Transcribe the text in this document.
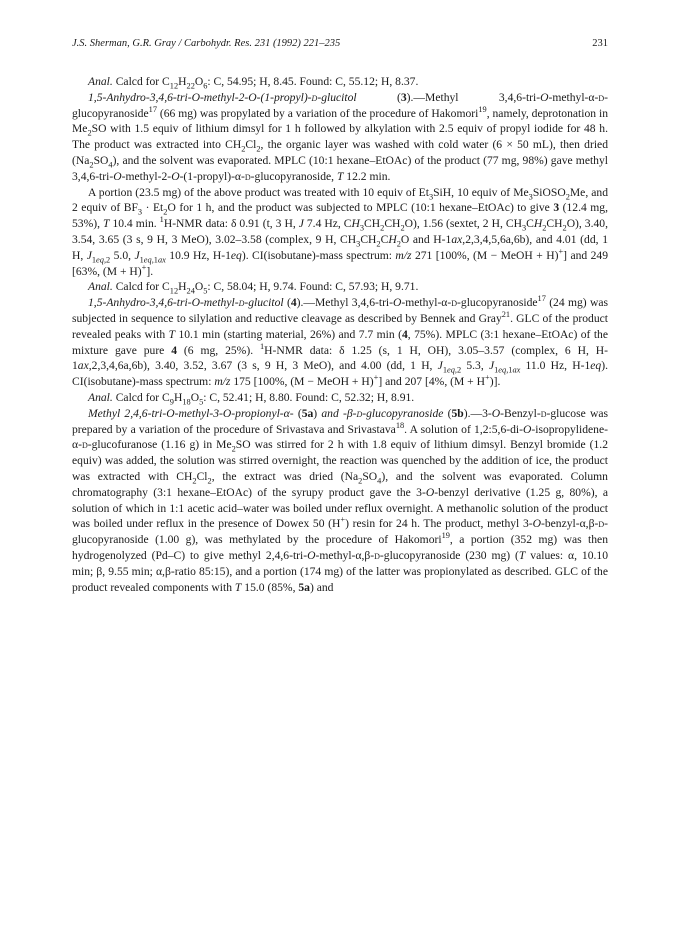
J.S. Sherman, G.R. Gray / Carbohydr. Res. 231 (1992) 221–235	231

Anal. Calcd for $C_{12}H_{22}O_6$: C, 54.95; H, 8.45. Found: C, 55.12; H, 8.37.

1,5-Anhydro-3,4,6-tri-O-methyl-2-O-(1-propyl)-d-glucitol (3).—Methyl 3,4,6-tri-O-methyl-α-d-glucopyranoside$^{17}$ (66 mg) was propylated by a variation of the procedure of Hakomori$^{19}$, namely, deprotonation in $Me_2SO$ with 1.5 equiv of lithium dimsyl for 1 h followed by alkylation with 2.5 equiv of propyl iodide for 48 h. The product was extracted into $CH_2Cl_2$, the organic layer was washed with cold water (6 × 50 mL), then dried $(Na_2SO_4)$, and the solvent was evaporated. MPLC (10:1 hexane–EtOAc) of the product (77 mg, 98%) gave methyl 3,4,6-tri-O-methyl-2-O-(1-propyl)-α-d-glucopyranoside, T 12.2 min.

A portion (23.5 mg) of the above product was treated with 10 equiv of $Et_3SiH$, 10 equiv of $Me_3SiOSO_2Me$, and 2 equiv of $BF_3 \cdot Et_2O$ for 1 h, and the product was subjected to MPLC (10:1 hexane–EtOAc) to give 3 (12.4 mg, 53%), T 10.4 min. $^1$H-NMR data: δ 0.91 (t, 3 H, J 7.4 Hz, $CH_3CH_2CH_2O$), 1.56 (sextet, 2 H, $CH_3CH_2CH_2O$), 3.40, 3.54, 3.65 (3 s, 9 H, 3 MeO), 3.02–3.58 (complex, 9 H, $CH_3CH_2CH_2O$ and H-1ax,2,3,4,5,6a,6b), and 4.01 (dd, 1 H, $J_{1eq,2}$ 5.0, $J_{1eq,1ax}$ 10.9 Hz, H-1eq). CI(isobutane)-mass spectrum: m/z 271 [100%, (M − MeOH + H)+] and 249 [63%, (M + H)+].

Anal. Calcd for $C_{12}H_{24}O_5$: C, 58.04; H, 9.74. Found: C, 57.93; H, 9.71.

1,5-Anhydro-3,4,6-tri-O-methyl-d-glucitol (4).—Methyl 3,4,6-tri-O-methyl-α-d-glucopyranoside$^{17}$ (24 mg) was subjected in sequence to silylation and reductive cleavage as described by Bennek and Gray$^{21}$. GLC of the product revealed peaks with T 10.1 min (starting material, 26%) and 7.7 min (4, 75%). MPLC (3:1 hexane–EtOAc) of the mixture gave pure 4 (6 mg, 25%). $^1$H-NMR data: δ 1.25 (s, 1 H, OH), 3.05–3.57 (complex, 6 H, H-1ax,2,3,4,6a,6b), 3.40, 3.52, 3.67 (3 s, 9 H, 3 MeO), and 4.00 (dd, 1 H, $J_{1eq,2}$ 5.3, $J_{1eq,1ax}$ 11.0 Hz, H-1eq). CI(isobutane)-mass spectrum: m/z 175 [100%, (M − MeOH + H)+] and 207 [4%, (M + H+)].

Anal. Calcd for $C_9H_{18}O_5$: C, 52.41; H, 8.80. Found: C, 52.32; H, 8.91.

Methyl 2,4,6-tri-O-methyl-3-O-propionyl-α- (5a) and -β-d-glucopyranoside (5b).—3-O-Benzyl-d-glucose was prepared by a variation of the procedure of Srivastava and Srivastava$^{18}$. A solution of 1,2:5,6-di-O-isopropylidene-α-d-glucofuranose (1.16 g) in $Me_2SO$ was stirred for 2 h with 1.8 equiv of lithium dimsyl. Benzyl bromide (1.2 equiv) was added, the solution was stirred overnight, the reaction was quenched by the addition of ice, the product was extracted with $CH_2Cl_2$, the extract was dried $(Na_2SO_4)$, and the solvent was evaporated. Column chromatography (3:1 hexane–EtOAc) of the syrupy product gave the 3-O-benzyl derivative (1.25 g, 80%), a solution of which in 1:1 acetic acid–water was boiled under reflux overnight. A methanolic solution of the product was boiled under reflux in the presence of Dowex 50 (H+) resin for 24 h. The product, methyl 3-O-benzyl-α,β-d-glucopyranoside (1.00 g), was methylated by the procedure of Hakomori$^{19}$, a portion (352 mg) was then hydrogenolyzed (Pd–C) to give methyl 2,4,6-tri-O-methyl-α,β-d-glucopyranoside (230 mg) (T values: α, 10.10 min; β, 9.55 min; α,β-ratio 85:15), and a portion (174 mg) of the latter was propionylated as described. GLC of the product revealed components with T 15.0 (85%, 5a) and
